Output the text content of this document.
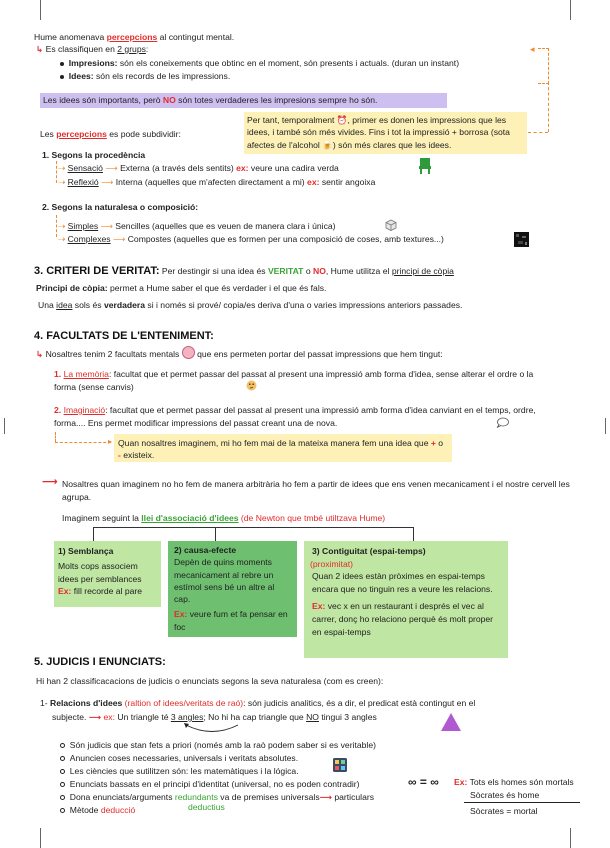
Hume anomenava percepcions al contingut mental.
↳ Es classifiquen en 2 grups:
Impresions: són els coneixements que obtinc en el moment, són presents i actuals. (duran un instant)
Idees: són els records de les impressions.
◂
Les idees són importants, però NO són totes verdaderes les impresions sempre ho són.
Per tant, temporalment ⏰, primer es donen les impressions que les idees, i també són més vivides. Fins i tot la impressió + borrosa (sota afectes de l'alcohol 🍺) són més clares que les idees.
Les percepcions es pode subdividir:
1. Segons la procedència
⇢ Sensació ⟶ Externa (a través dels sentits) ex: veure una cadira verda
⇢ Reflexió ⟶ Interna (aquelles que m'afecten directament a mi) ex: sentir angoixa
2. Segons la naturalesa o composició:
⇢ Simples ⟶ Sencilles (aquelles que es veuen de manera clara i única)
⇢ Complexes ⟶ Compostes (aquelles que es formen per una composició de coses, amb textures...)
3. CRITERI DE VERITAT: Per destingir si una idea és VERITAT o NO, Hume utilitza el principi de còpia
Principi de còpia: permet a Hume saber el que és verdader i el que és fals.
Una idea sols és verdadera si i només si prové/ copia/es deriva d'una o varies impressions anteriors passades.
4. FACULTATS DE L'ENTENIMENT:
↳ Nosaltres tenim 2 facultats mentals  que ens permeten portar del passat impressions que hem tingut:
1. La memòria: facultat que et permet passar del passat al present una impressió amb forma d'idea, sense alterar el ordre o la forma (sense canvis)
2. Imaginació: facultat que et permet passar del passat al present una impressió amb forma d'idea canviant en el temps, ordre, forma.... Ens permet modificar impressions del passat creant una de nova.
▸ Quan nosaltres imaginem, mi ho fem mai de la mateixa manera fem una idea que + o - existeix.
⟶ Nosaltres quan imaginem no ho fem de manera arbitrària ho fem a partir de idees que ens venen mecanicament i el nostre cervell les agrupa.
Imaginem seguint la llei d'associació d'idees (de Newton que tmbé utiltzava Hume)
1) Semblança
Molts cops associem idees per semblances
Ex: fill recorde al pare
2) causa-efecte
Depèn de quins moments mecanicament al rebre un estímol sens bé un altre al cap.
Ex: veure fum et fa pensar en foc
3) Contiguitat (espai-temps)
(proximitat)
Quan 2 idees estàn pròximes en espai-temps encara que no tinguin res a veure les relacions.
Ex: vec x en un restaurant i després el vec al carrer, donç ho relaciono perquè és molt proper en espai-temps
5. JUDICIS I ENUNCIATS:
Hi han 2 classificacacions de judicis o enunciats segons la seva naturalesa (com es creen):
1- Relacions d'idees (raltion of idees/veritats de raó): són judicis analitics, és a dir, el predicat està contingut en el
subjecte. ⟶ ex: Un triangle té 3 angles; No hi ha cap triangle que NO tingui 3 angles
Són judicis que stan fets a priori (només amb la raò podem saber si es veritable)
Anuncien coses necessaries, universals i veritats absolutes.
Les ciències que sutilitzen són: les matemàtiques i la lógica.
Enunciats bassats en el principi d'identitat (universal, no es poden contradir)	∞ = ∞
Dona enunciats/arguments redundants va de premises universals⟶ particulars
deductius
Mètode deducció
Ex: Tots els homes són mortals
Sòcrates és home
Sòcrates = mortal
